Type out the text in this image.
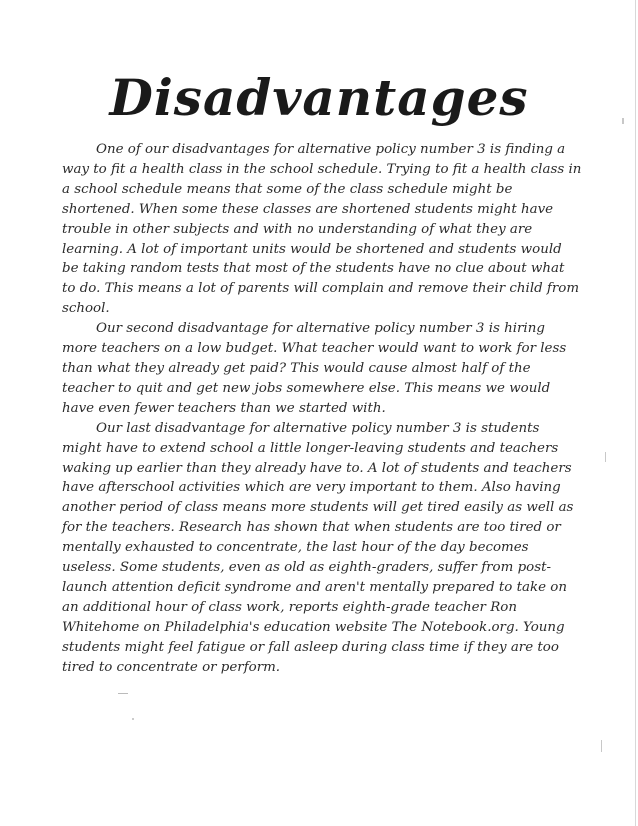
Disadvantages

One of our disadvantages for alternative policy number 3 is finding a way to fit a health class in the school schedule. Trying to fit a health class in a school schedule means that some of the class schedule might be shortened. When some these classes are shortened students might have trouble in other subjects and with no understanding of what they are learning. A lot of important units would be shortened and students would be taking random tests that most of the students have no clue about what to do. This means a lot of parents will complain and remove their child from school.

Our second disadvantage for alternative policy number 3 is hiring more teachers on a low budget. What teacher would want to work for less than what they already get paid? This would cause almost half of the teacher to quit and get new jobs somewhere else. This means we would have even fewer teachers than we started with.

Our last disadvantage for alternative policy number 3 is students might have to extend school a little longer-leaving students and teachers waking up earlier than they already have to. A lot of students and teachers have afterschool activities which are very important to them. Also having another period of class means more students will get tired easily as well as for the teachers. Research has shown that when students are too tired or mentally exhausted to concentrate, the last hour of the day becomes useless. Some students, even as old as eighth-graders, suffer from post-launch attention deficit syndrome and aren't mentally prepared to take on an additional hour of class work, reports eighth-grade teacher Ron Whitehome on Philadelphia's education website The Notebook.org. Young students might feel fatigue or fall asleep during class time if they are too tired to concentrate or perform.
